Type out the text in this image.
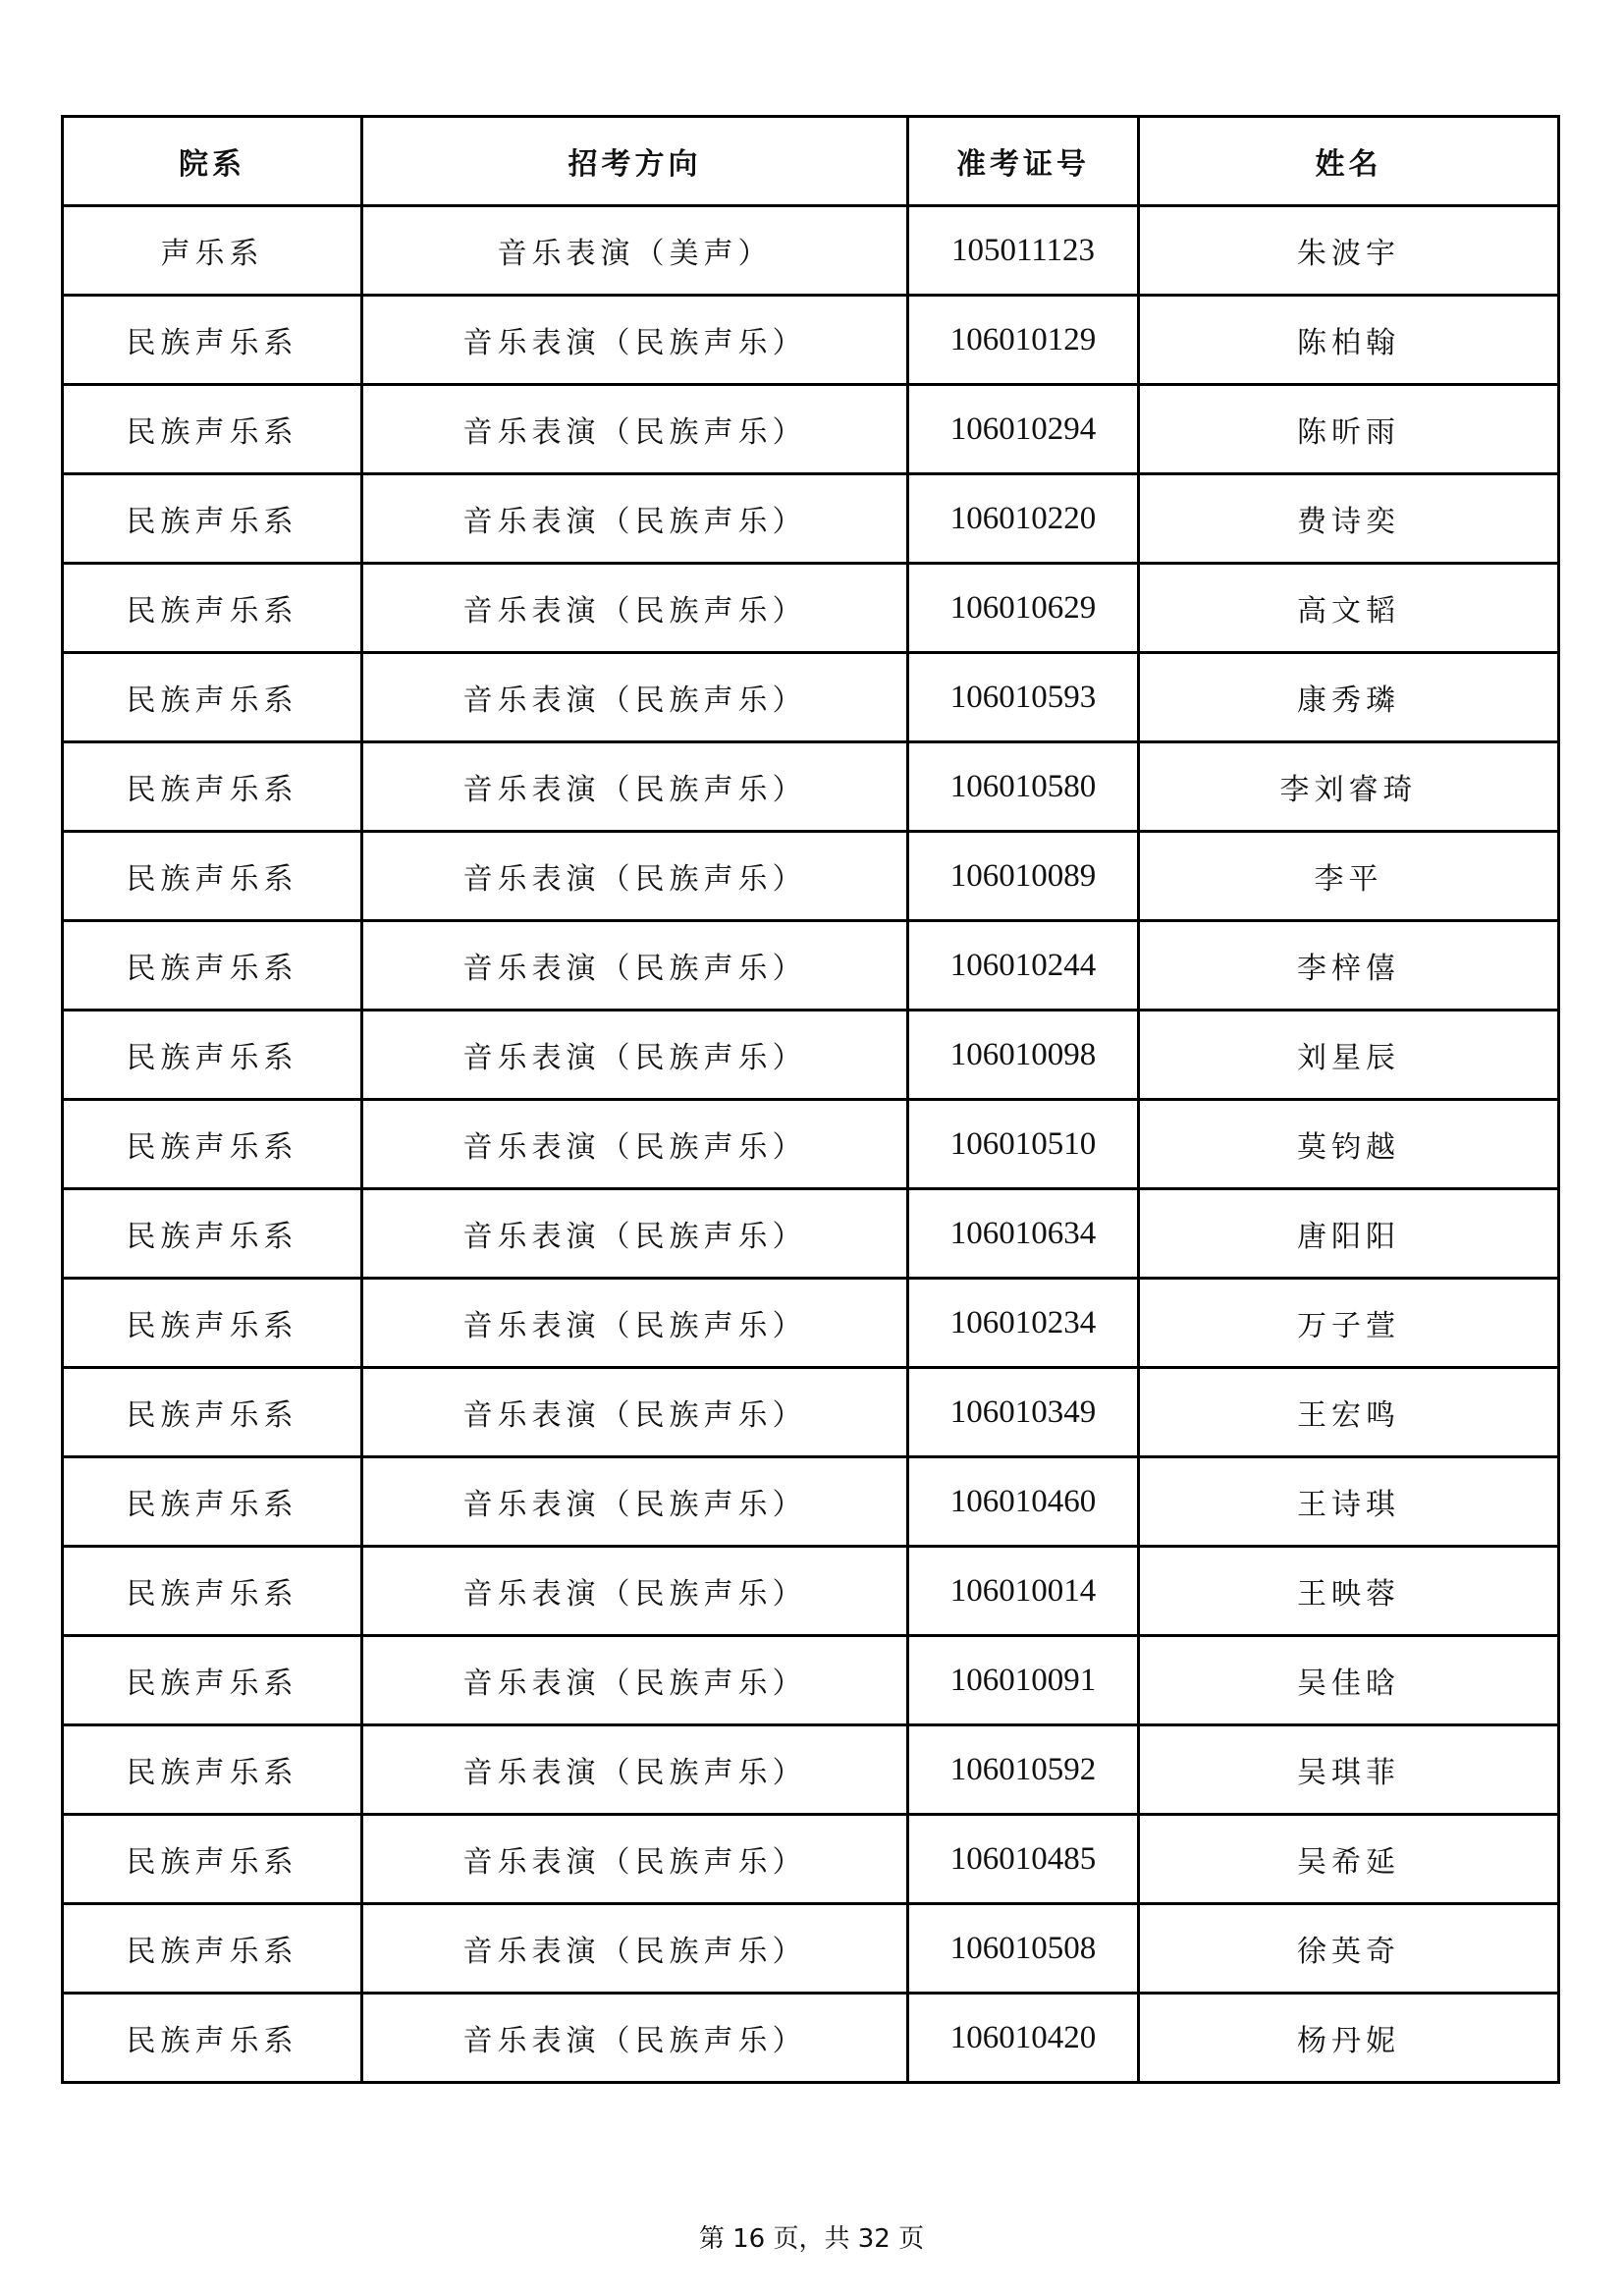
院系	招考方向	准考证号	姓名
声乐系	音乐表演（美声）	105011123	朱波宇
民族声乐系	音乐表演（民族声乐）	106010129	陈柏翰
民族声乐系	音乐表演（民族声乐）	106010294	陈昕雨
民族声乐系	音乐表演（民族声乐）	106010220	费诗奕
民族声乐系	音乐表演（民族声乐）	106010629	高文韬
民族声乐系	音乐表演（民族声乐）	106010593	康秀璘
民族声乐系	音乐表演（民族声乐）	106010580	李刘睿琦
民族声乐系	音乐表演（民族声乐）	106010089	李平
民族声乐系	音乐表演（民族声乐）	106010244	李梓僖
民族声乐系	音乐表演（民族声乐）	106010098	刘星辰
民族声乐系	音乐表演（民族声乐）	106010510	莫钧越
民族声乐系	音乐表演（民族声乐）	106010634	唐阳阳
民族声乐系	音乐表演（民族声乐）	106010234	万子萱
民族声乐系	音乐表演（民族声乐）	106010349	王宏鸣
民族声乐系	音乐表演（民族声乐）	106010460	王诗琪
民族声乐系	音乐表演（民族声乐）	106010014	王映蓉
民族声乐系	音乐表演（民族声乐）	106010091	吴佳晗
民族声乐系	音乐表演（民族声乐）	106010592	吴琪菲
民族声乐系	音乐表演（民族声乐）	106010485	吴希延
民族声乐系	音乐表演（民族声乐）	106010508	徐英奇
民族声乐系	音乐表演（民族声乐）	106010420	杨丹妮
第 16 页，共 32 页
